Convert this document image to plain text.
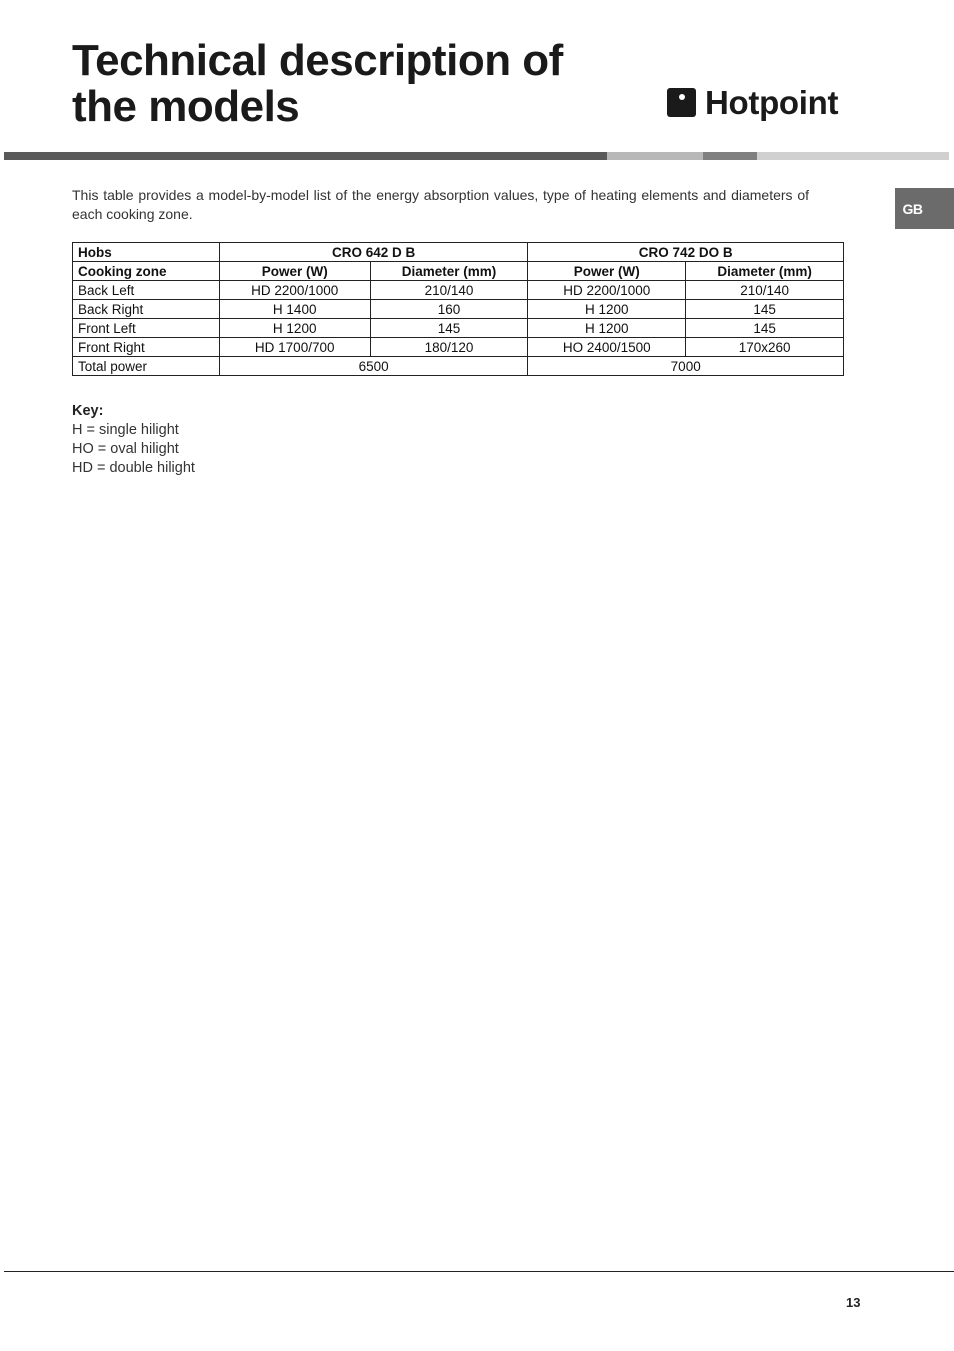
Technical description of
the models	Hotpoint
GB

This table provides a model-by-model list of the energy absorption values, type of heating elements and diameters of each cooking zone.

Hobs	CRO 642 D B		CRO 742 DO B	
Cooking zone	Power (W)	Diameter (mm)	Power (W)	Diameter (mm)
Back Left	HD 2200/1000	210/140	HD 2200/1000	210/140
Back Right	H 1400	160	H 1200	145
Front Left	H 1200	145	H 1200	145
Front Right	HD 1700/700	180/120	HO 2400/1500	170x260
Total power	6500		7000	
Key:
H = single hilight
HO = oval hilight
HD = double hilight
13
